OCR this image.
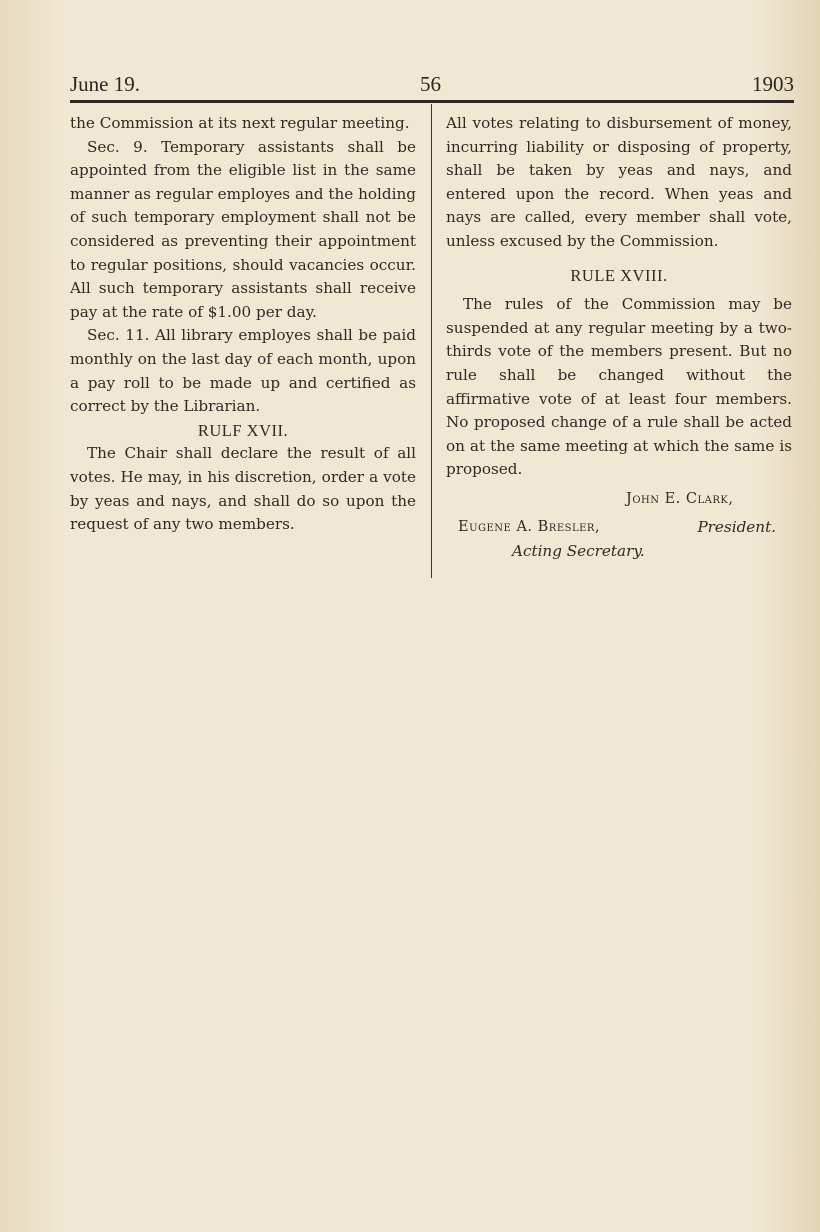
June 19.	56	1903

the Commission at its next regular meeting.

Sec. 9. Temporary assistants shall be appointed from the eligible list in the same manner as regular employes and the holding of such temporary employment shall not be considered as preventing their appointment to regular positions, should vacancies occur. All such temporary assistants shall receive pay at the rate of $1.00 per day.

Sec. 11. All library employes shall be paid monthly on the last day of each month, upon a pay roll to be made up and certified as correct by the Librarian.

RULF XVII.

The Chair shall declare the result of all votes. He may, in his discretion, order a vote by yeas and nays, and shall do so upon the request of any two members.

All votes relating to disbursement of money, incurring liability or disposing of property, shall be taken by yeas and nays, and entered upon the record. When yeas and nays are called, every member shall vote, unless excused by the Commission.

RULE XVIII.

The rules of the Commission may be suspended at any regular meeting by a two-thirds vote of the members present. But no rule shall be changed without the affirmative vote of at least four members. No proposed change of a rule shall be acted on at the same meeting at which the same is proposed.

John E. Clark,
Eugene A. Bresler,	President.
Acting Secretary.
